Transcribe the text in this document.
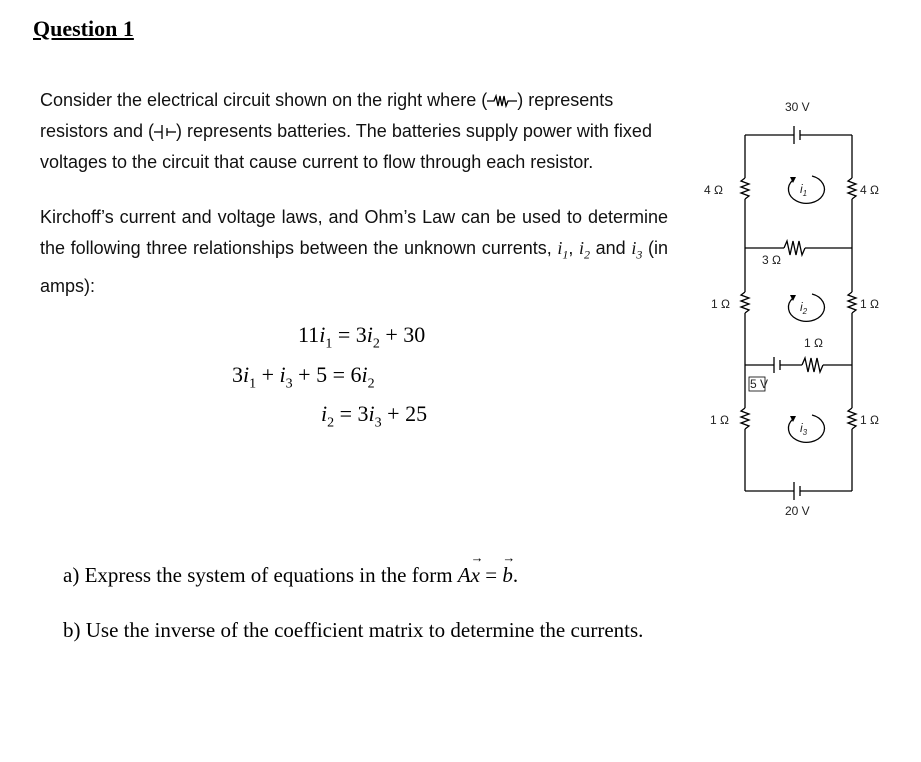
Question 1
Consider the electrical circuit shown on the right where ( ) represents resistors and ( ) represents batteries. The batteries supply power with fixed voltages to the circuit that cause current to flow through each resistor.
Kirchoff’s current and voltage laws, and Ohm’s Law can be used to determine the following three relationships between the unknown currents, $i_1$, $i_2$ and $i_3$ (in amps):
$11i_1 = 3i_2 + 30$
$3i_1 + i_3 + 5 = 6i_2$
$i_2 = 3i_3 + 25$
30 V
4 Ω	4 Ω
3 Ω
1 Ω	1 Ω
1 Ω
5 V
1 Ω	1 Ω
20 V
$i_1$
$i_2$
$i_3$
a) Express the system of equations in the form A→ x = → b.
b) Use the inverse of the coefficient matrix to determine the currents.
